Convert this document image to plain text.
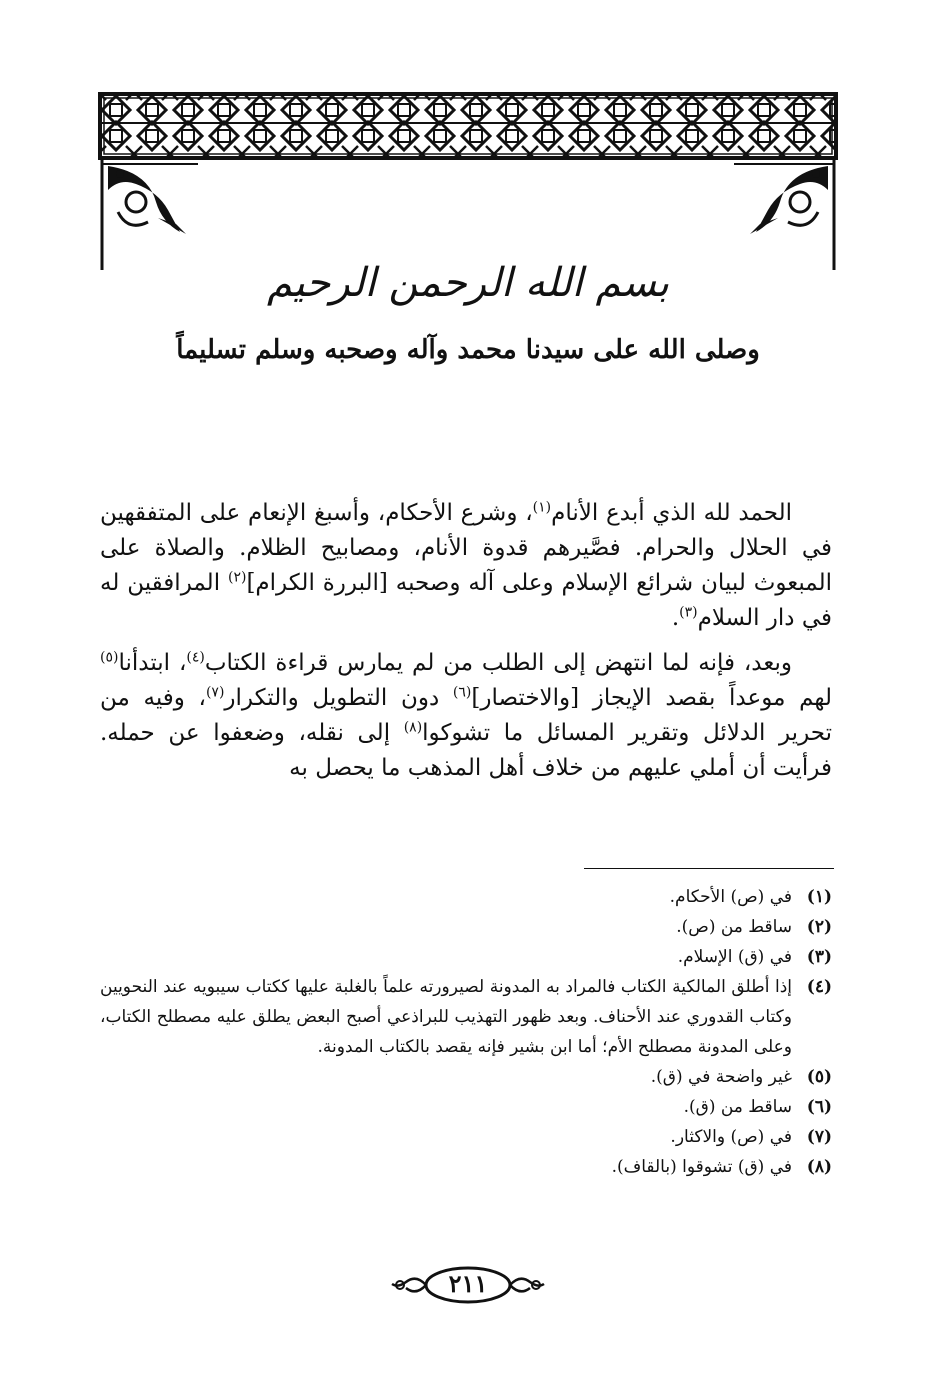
بسم الله الرحمن الرحيم
وصلى الله على سيدنا محمد وآله وصحبه وسلم تسليماً

الحمد لله الذي أبدع الأنام$^{(١)}$، وشرع الأحكام، وأسبغ الإنعام على المتفقهين في الحلال والحرام. فصَّيرهم قدوة الأنام، ومصابيح الظلام. والصلاة على المبعوث لبيان شرائع الإسلام وعلى آله وصحبه [البررة الكرام]$^{(٢)}$ المرافقين له في دار السلام$^{(٣)}$.

وبعد، فإنه لما انتهض إلى الطلب من لم يمارس قراءة الكتاب$^{(٤)}$، ابتدأنا$^{(٥)}$ لهم موعداً بقصد الإيجاز [والاختصار]$^{(٦)}$ دون التطويل والتكرار$^{(٧)}$، وفيه من تحرير الدلائل وتقرير المسائل ما تشوكوا$^{(٨)}$ إلى نقله، وضعفوا عن حمله. فرأيت أن أملي عليهم من خلاف أهل المذهب ما يحصل به

(١)
في (ص) الأحكام.
(٢)
ساقط من (ص).
(٣)
في (ق) الإسلام.
(٤)
إذا أطلق المالكية الكتاب فالمراد به المدونة لصيرورته علماً بالغلبة عليها ككتاب سيبويه عند النحويين وكتاب القدوري عند الأحناف. وبعد ظهور التهذيب للبراذعي أصبح البعض يطلق عليه مصطلح الكتاب، وعلى المدونة مصطلح الأم؛ أما ابن بشير فإنه يقصد بالكتاب المدونة.
(٥)
غير واضحة في (ق).
(٦)
ساقط من (ق).
(٧)
في (ص) والاكثار.
(٨)
في (ق) تشوقوا (بالقاف).
٢١١
